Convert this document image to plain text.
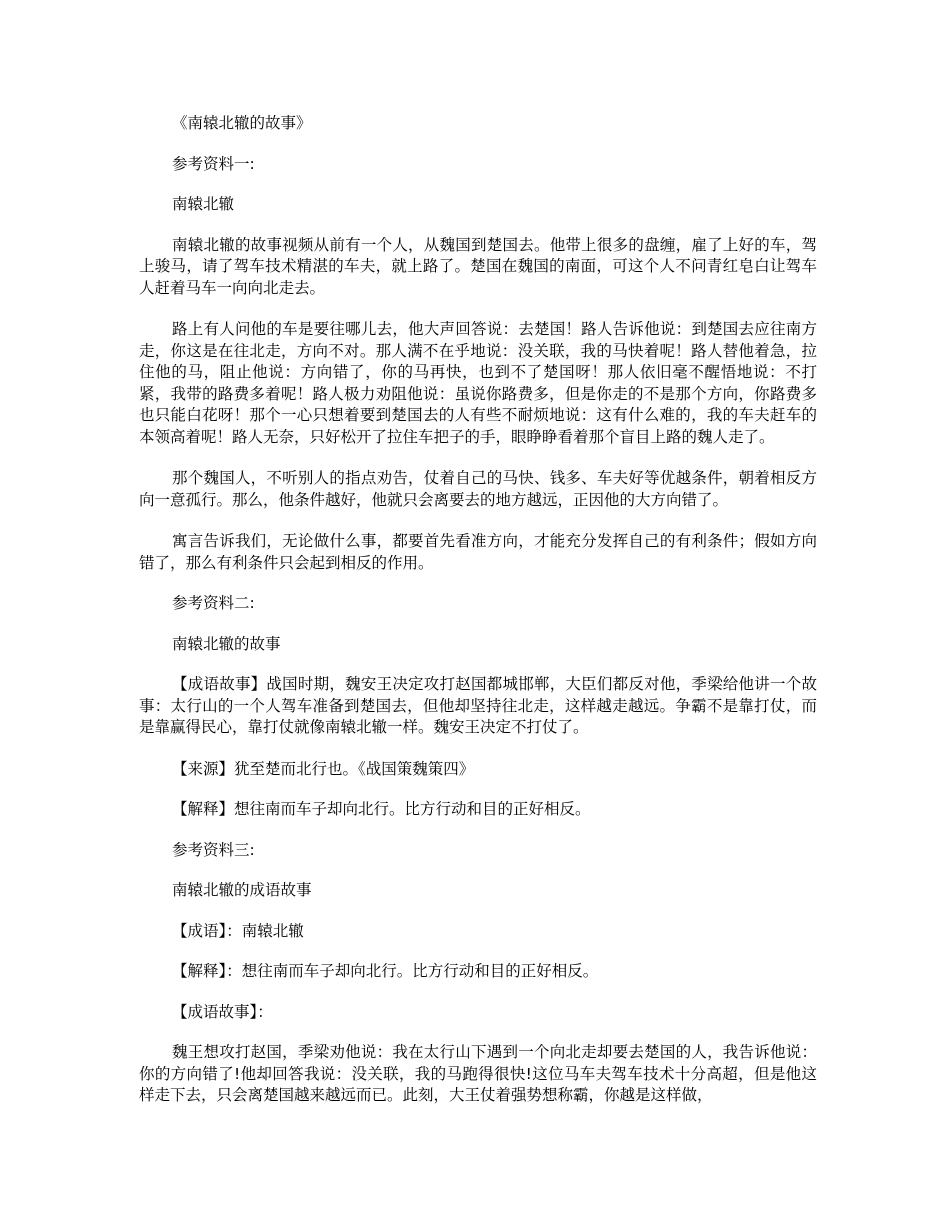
《南辕北辙的故事》

参考资料一:

南辕北辙

南辕北辙的故事视频从前有一个人，从魏国到楚国去。他带上很多的盘缠，雇了上好的车，驾上骏马，请了驾车技术精湛的车夫，就上路了。楚国在魏国的南面，可这个人不问青红皂白让驾车人赶着马车一向向北走去。

路上有人问他的车是要往哪儿去，他大声回答说：去楚国！路人告诉他说：到楚国去应往南方走，你这是在往北走，方向不对。那人满不在乎地说：没关联，我的马快着呢！路人替他着急，拉住他的马，阻止他说：方向错了，你的马再快，也到不了楚国呀！那人依旧毫不醒悟地说：不打紧，我带的路费多着呢！路人极力劝阻他说：虽说你路费多，但是你走的不是那个方向，你路费多也只能白花呀！那个一心只想着要到楚国去的人有些不耐烦地说：这有什么难的，我的车夫赶车的本领高着呢！路人无奈，只好松开了拉住车把子的手，眼睁睁看着那个盲目上路的魏人走了。

那个魏国人，不听别人的指点劝告，仗着自己的马快、钱多、车夫好等优越条件，朝着相反方向一意孤行。那么，他条件越好，他就只会离要去的地方越远，正因他的大方向错了。

寓言告诉我们，无论做什么事，都要首先看准方向，才能充分发挥自己的有利条件；假如方向错了，那么有利条件只会起到相反的作用。

参考资料二:

南辕北辙的故事

【成语故事】战国时期，魏安王决定攻打赵国都城邯郸，大臣们都反对他，季梁给他讲一个故事：太行山的一个人驾车准备到楚国去，但他却坚持往北走，这样越走越远。争霸不是靠打仗，而是靠赢得民心，靠打仗就像南辕北辙一样。魏安王决定不打仗了。

【来源】犹至楚而北行也。《战国策魏策四》

【解释】想往南而车子却向北行。比方行动和目的正好相反。

参考资料三:

南辕北辙的成语故事

【成语】：南辕北辙

【解释】：想往南而车子却向北行。比方行动和目的正好相反。

【成语故事】：

魏王想攻打赵国，季梁劝他说：我在太行山下遇到一个向北走却要去楚国的人，我告诉他说：你的方向错了!他却回答我说：没关联，我的马跑得很快!这位马车夫驾车技术十分高超，但是他这样走下去，只会离楚国越来越远而已。此刻，大王仗着强势想称霸，你越是这样做，
